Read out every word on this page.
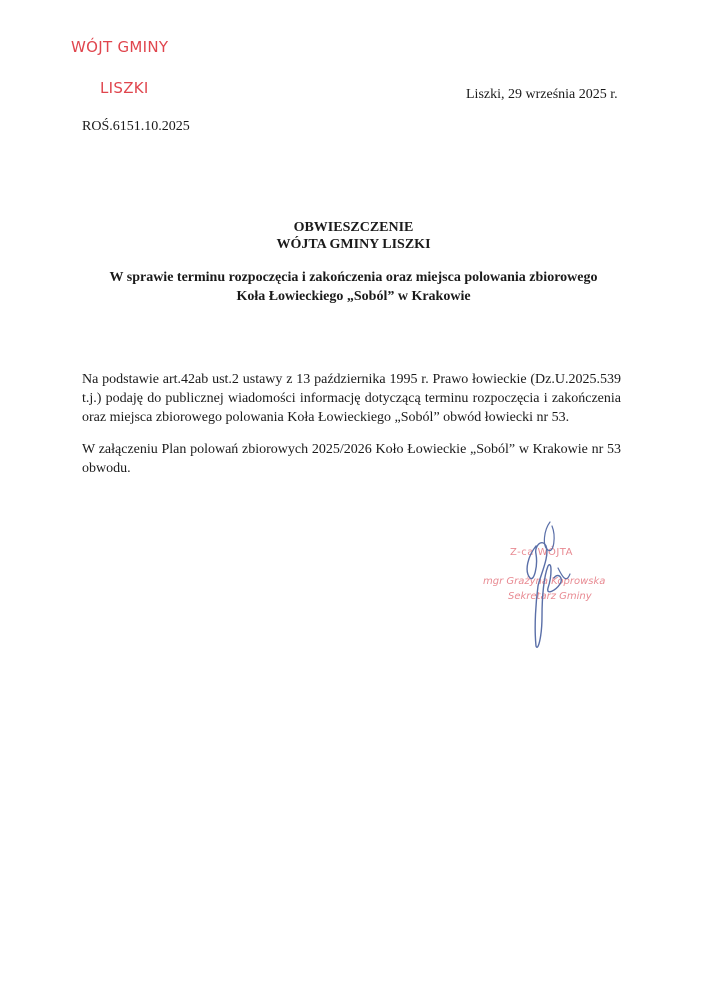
WÓJT GMINY
LISZKI	Liszki, 29 września 2025 r.
ROŚ.6151.10.2025
OBWIESZCZENIE
WÓJTA GMINY LISZKI
W sprawie terminu rozpoczęcia i zakończenia oraz miejsca polowania zbiorowego
Koła Łowieckiego „Soból” w Krakowie
Na podstawie art.42ab ust.2 ustawy z 13 października 1995 r. Prawo łowieckie (Dz.U.2025.539 t.j.) podaję do publicznej wiadomości informację dotyczącą terminu rozpoczęcia i zakończenia oraz miejsca zbiorowego polowania Koła Łowieckiego „Soból” obwód łowiecki nr 53.
W załączeniu Plan polowań zbiorowych 2025/2026 Koło Łowieckie „Soból” w Krakowie nr 53 obwodu.
Z-ca WÓJTA
mgr Grażyna Koprowska
Sekretarz Gminy
